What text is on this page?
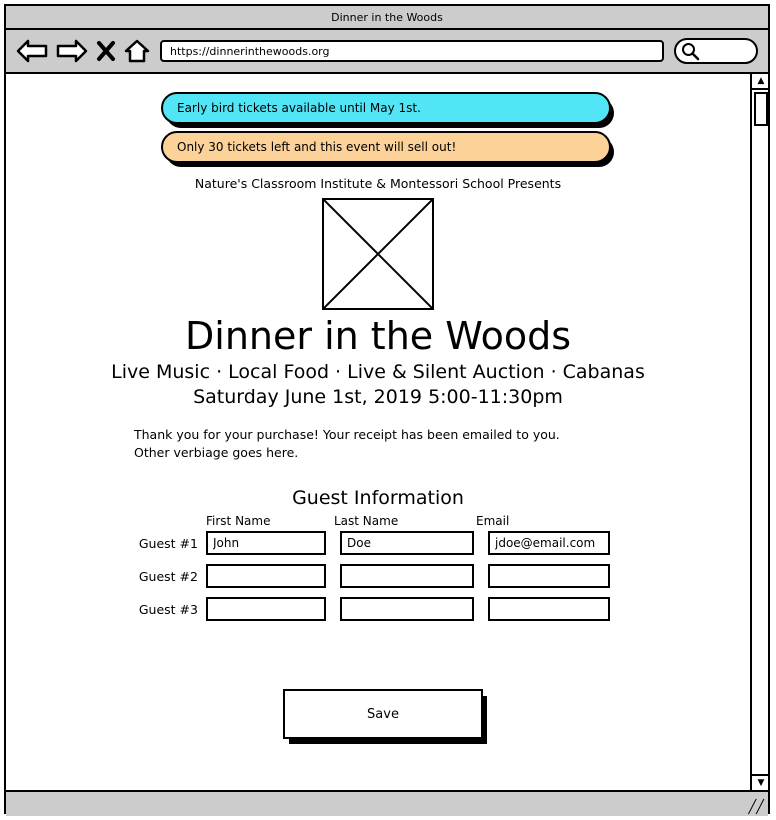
Dinner in the Woods
https://dinnerinthewoods.org
Early bird tickets available until May 1st.
Only 30 tickets left and this event will sell out!
Nature's Classroom Institute & Montessori School Presents
Dinner in the Woods
Live Music · Local Food · Live & Silent Auction · Cabanas
Saturday June 1st, 2019 5:00-11:30pm
Thank you for your purchase! Your receipt has been emailed to you.
Other verbiage goes here.
Guest Information
First Name	Last Name	Email
Guest #1
John
Doe
jdoe@email.com
Guest #2
Guest #3
Save
▲
▼
╱╱
